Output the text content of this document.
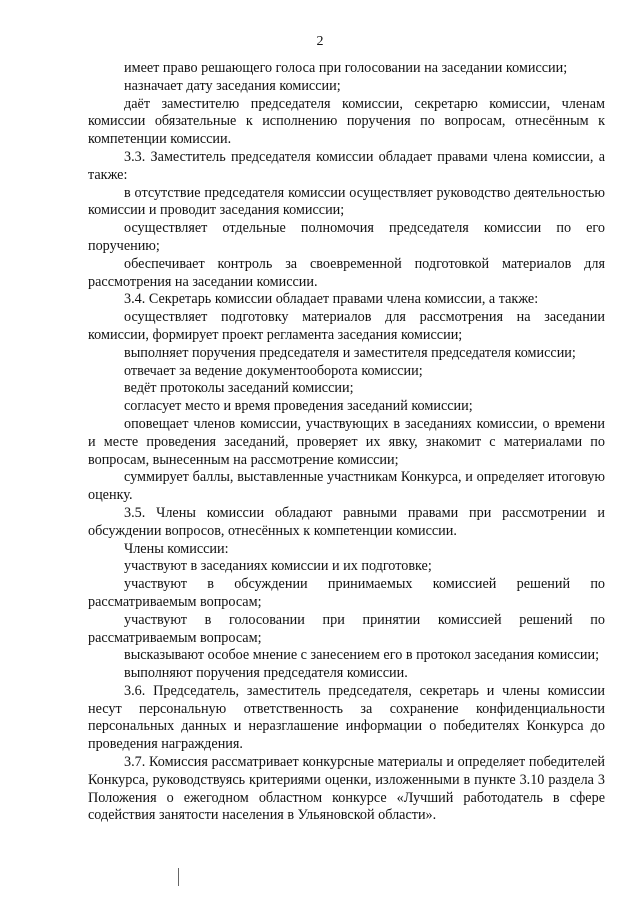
2

имеет право решающего голоса при голосовании на заседании комиссии;

назначает дату заседания комиссии;

даёт заместителю председателя комиссии, секретарю комиссии, членам комиссии обязательные к исполнению поручения по вопросам, отнесённым к компетенции комиссии.

3.3. Заместитель председателя комиссии обладает правами члена комиссии, а также:

в отсутствие председателя комиссии осуществляет руководство деятельностью комиссии и проводит заседания комиссии;

осуществляет отдельные полномочия председателя комиссии по его поручению;

обеспечивает контроль за своевременной подготовкой материалов для рассмотрения на заседании комиссии.

3.4. Секретарь комиссии обладает правами члена комиссии, а также:

осуществляет подготовку материалов для рассмотрения на заседании комиссии, формирует проект регламента заседания комиссии;

выполняет поручения председателя и заместителя председателя комиссии;

отвечает за ведение документооборота комиссии;

ведёт протоколы заседаний комиссии;

согласует место и время проведения заседаний комиссии;

оповещает членов комиссии, участвующих в заседаниях комиссии, о времени и месте проведения заседаний, проверяет их явку, знакомит с материалами по вопросам, вынесенным на рассмотрение комиссии;

суммирует баллы, выставленные участникам Конкурса, и определяет итоговую оценку.

3.5. Члены комиссии обладают равными правами при рассмотрении и обсуждении вопросов, отнесённых к компетенции комиссии.

Члены комиссии:

участвуют в заседаниях комиссии и их подготовке;

участвуют в обсуждении принимаемых комиссией решений по рассматриваемым вопросам;

участвуют в голосовании при принятии комиссией решений по рассматриваемым вопросам;

высказывают особое мнение с занесением его в протокол заседания комиссии;

выполняют поручения председателя комиссии.

3.6. Председатель, заместитель председателя, секретарь и члены комиссии несут персональную ответственность за сохранение конфиденциальности персональных данных и неразглашение информации о победителях Конкурса до проведения награждения.

3.7. Комиссия рассматривает конкурсные материалы и определяет победителей Конкурса, руководствуясь критериями оценки, изложенными в пункте 3.10 раздела 3 Положения о ежегодном областном конкурсе «Лучший работодатель в сфере содействия занятости населения в Ульяновской области».
